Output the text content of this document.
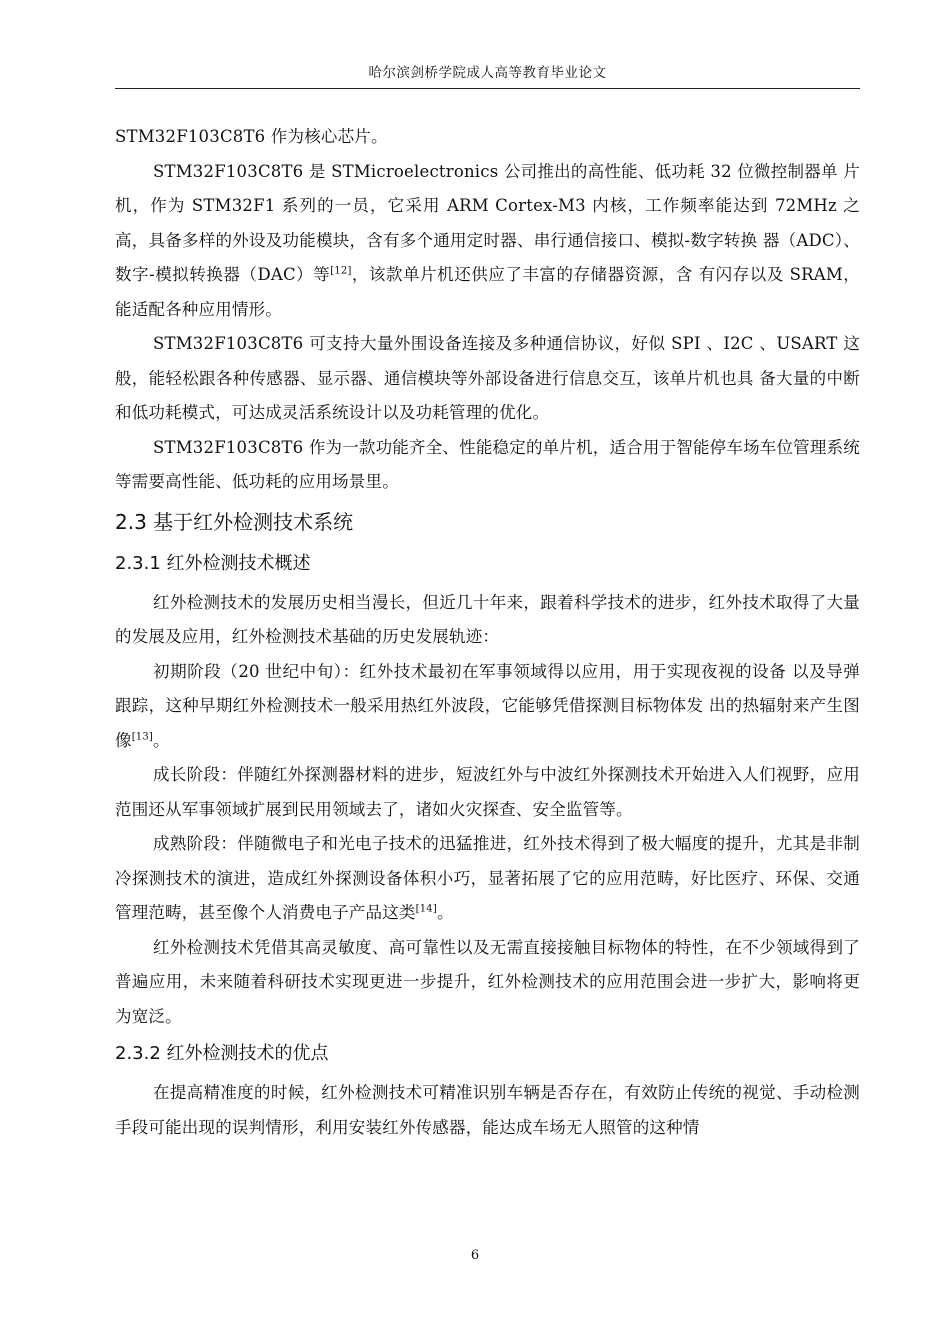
哈尔滨剑桥学院成人高等教育毕业论文

STM32F103C8T6 作为核心芯片。

STM32F103C8T6 是 STMicroelectronics 公司推出的高性能、低功耗 32 位微控制器单 片机，作为 STM32F1 系列的一员，它采用 ARM Cortex-M3 内核，工作频率能达到 72MHz 之高，具备多样的外设及功能模块，含有多个通用定时器、串行通信接口、模拟-数字转换 器（ADC）、数字-模拟转换器（DAC）等[12]，该款单片机还供应了丰富的存储器资源，含 有闪存以及 SRAM，能适配各种应用情形。

STM32F103C8T6 可支持大量外围设备连接及多种通信协议，好似 SPI 、I2C 、USART 这般，能轻松跟各种传感器、显示器、通信模块等外部设备进行信息交互，该单片机也具 备大量的中断和低功耗模式，可达成灵活系统设计以及功耗管理的优化。

STM32F103C8T6 作为一款功能齐全、性能稳定的单片机，适合用于智能停车场车位管理系统等需要高性能、低功耗的应用场景里。

2.3 基于红外检测技术系统
2.3.1 红外检测技术概述

红外检测技术的发展历史相当漫长，但近几十年来，跟着科学技术的进步，红外技术取得了大量的发展及应用，红外检测技术基础的历史发展轨迹：

初期阶段（20 世纪中旬）：红外技术最初在军事领域得以应用，用于实现夜视的设备 以及导弹跟踪，这种早期红外检测技术一般采用热红外波段，它能够凭借探测目标物体发 出的热辐射来产生图像[13]。

成长阶段：伴随红外探测器材料的进步，短波红外与中波红外探测技术开始进入人们视野，应用范围还从军事领域扩展到民用领域去了，诸如火灾探查、安全监管等。

成熟阶段：伴随微电子和光电子技术的迅猛推进，红外技术得到了极大幅度的提升，尤其是非制冷探测技术的演进，造成红外探测设备体积小巧，显著拓展了它的应用范畴，好比医疗、环保、交通管理范畴，甚至像个人消费电子产品这类[14]。

红外检测技术凭借其高灵敏度、高可靠性以及无需直接接触目标物体的特性，在不少领域得到了普遍应用，未来随着科研技术实现更进一步提升，红外检测技术的应用范围会进一步扩大，影响将更为宽泛。

2.3.2 红外检测技术的优点

在提高精准度的时候，红外检测技术可精准识别车辆是否存在，有效防止传统的视觉、手动检测手段可能出现的误判情形，利用安装红外传感器，能达成车场无人照管的这种情

6
